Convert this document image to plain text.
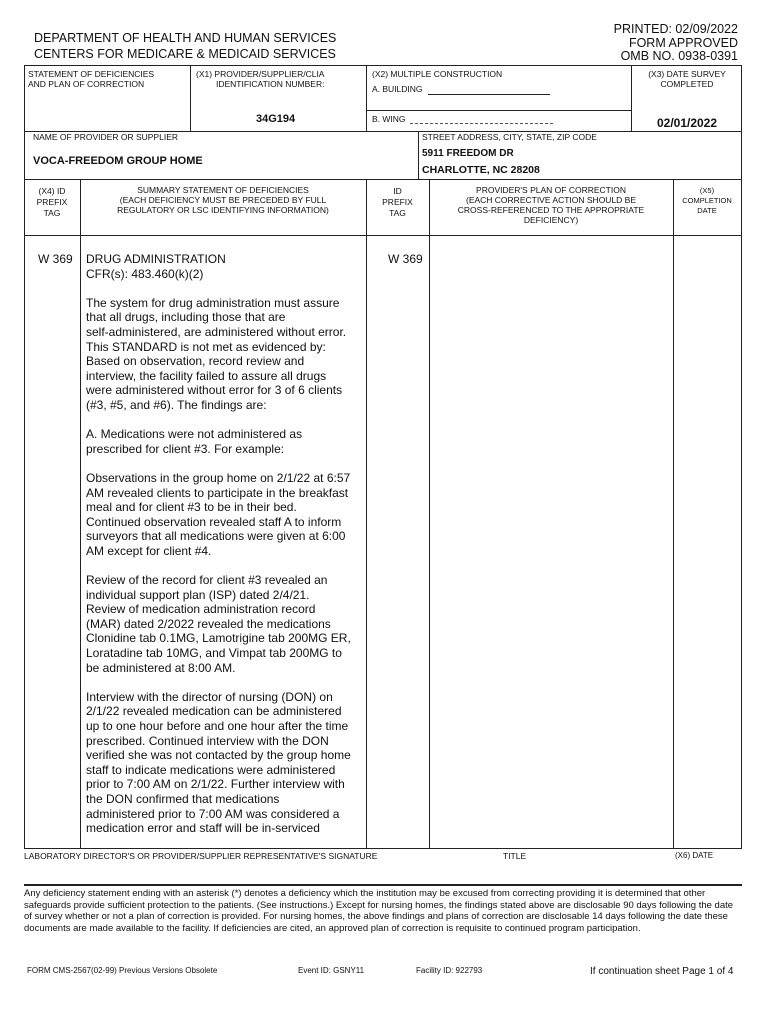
DEPARTMENT OF HEALTH AND HUMAN SERVICES
CENTERS FOR MEDICARE & MEDICAID SERVICES
PRINTED: 02/09/2022
FORM APPROVED
OMB NO. 0938-0391
STATEMENT OF DEFICIENCIES
AND PLAN OF CORRECTION
(X1) PROVIDER/SUPPLIER/CLIA
IDENTIFICATION NUMBER:
34G194
(X2) MULTIPLE CONSTRUCTION
A. BUILDING
B. WING
(X3) DATE SURVEY
COMPLETED
02/01/2022
NAME OF PROVIDER OR SUPPLIER
VOCA-FREEDOM GROUP HOME
STREET ADDRESS, CITY, STATE, ZIP CODE
5911 FREEDOM DR
CHARLOTTE, NC 28208
(X4) ID
PREFIX
TAG
SUMMARY STATEMENT OF DEFICIENCIES
(EACH DEFICIENCY MUST BE PRECEDED BY FULL
REGULATORY OR LSC IDENTIFYING INFORMATION)
ID
PREFIX
TAG
PROVIDER'S PLAN OF CORRECTION
(EACH CORRECTIVE ACTION SHOULD BE
CROSS-REFERENCED TO THE APPROPRIATE
DEFICIENCY)
(X5)
COMPLETION
DATE
W 369	W 369
DRUG ADMINISTRATION
CFR(s): 483.460(k)(2)
The system for drug administration must assure
that all drugs, including those that are
self-administered, are administered without error.
This STANDARD is not met as evidenced by:
Based on observation, record review and
interview, the facility failed to assure all drugs
were administered without error for 3 of 6 clients
(#3, #5, and #6). The findings are:
A. Medications were not administered as
prescribed for client #3. For example:
Observations in the group home on 2/1/22 at 6:57
AM revealed clients to participate in the breakfast
meal and for client #3 to be in their bed.
Continued observation revealed staff A to inform
surveyors that all medications were given at 6:00
AM except for client #4.
Review of the record for client #3 revealed an
individual support plan (ISP) dated 2/4/21.
Review of medication administration record
(MAR) dated 2/2022 revealed the medications
Clonidine tab 0.1MG, Lamotrigine tab 200MG ER,
Loratadine tab 10MG, and Vimpat tab 200MG to
be administered at 8:00 AM.
Interview with the director of nursing (DON) on
2/1/22 revealed medication can be administered
up to one hour before and one hour after the time
prescribed. Continued interview with the DON
verified she was not contacted by the group home
staff to indicate medications were administered
prior to 7:00 AM on 2/1/22. Further interview with
the DON confirmed that medications
administered prior to 7:00 AM was considered a
medication error and staff will be in-serviced
LABORATORY DIRECTOR'S OR PROVIDER/SUPPLIER REPRESENTATIVE'S SIGNATURE	TITLE	(X6) DATE
Any deficiency statement ending with an asterisk (*) denotes a deficiency which the institution may be excused from correcting providing it is determined that other safeguards provide sufficient protection to the patients. (See instructions.) Except for nursing homes, the findings stated above are disclosable 90 days following the date of survey whether or not a plan of correction is provided. For nursing homes, the above findings and plans of correction are disclosable 14 days following the date these documents are made available to the facility. If deficiencies are cited, an approved plan of correction is requisite to continued program participation.
FORM CMS-2567(02-99) Previous Versions Obsolete	Event ID: GSNY11	Facility ID: 922793	If continuation sheet Page 1 of 4
